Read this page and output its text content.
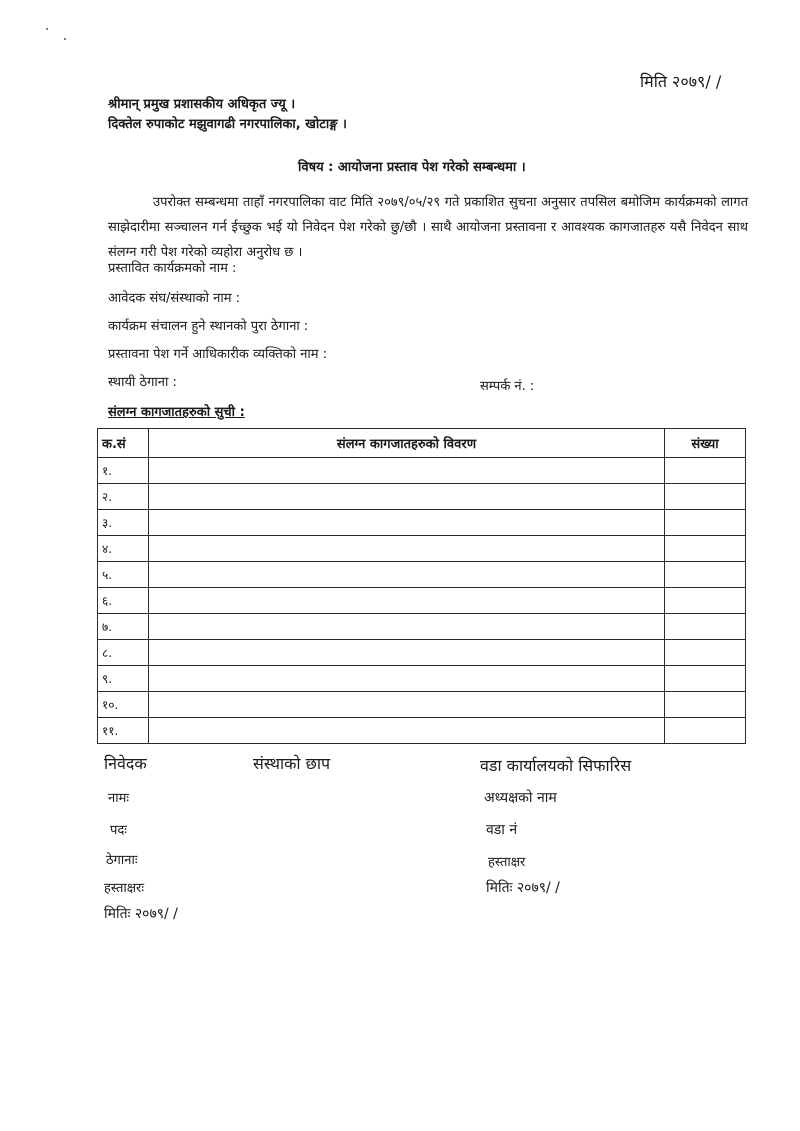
मिति २०७९/ /
श्रीमान् प्रमुख प्रशासकीय अधिकृत ज्यू ।
दिक्तेल रुपाकोट मझुवागढी नगरपालिका, खोटाङ्ग ।
विषय : आयोजना प्रस्ताव पेश गरेको सम्बन्धमा ।
उपरोक्त सम्बन्धमा ताहाँ नगरपालिका वाट मिति २०७९/०५/२९ गते प्रकाशित सुचना अनुसार तपसिल बमोजिम कार्यक्रमको लागत साझेदारीमा सञ्चालन गर्न ईच्छुक भई यो निवेदन पेश गरेको छु/छौ । साथै आयोजना प्रस्तावना र आवश्यक कागजातहरु यसै निवेदन साथ संलग्न गरी पेश गरेको व्यहोरा अनुरोध छ ।
प्रस्तावित कार्यक्रमको नाम :
आवेदक संघ/संस्थाको नाम :
कार्यक्रम संचालन हुने स्थानको पुरा ठेगाना :
प्रस्तावना पेश गर्ने आधिकारीक व्यक्तिको नाम :
स्थायी ठेगाना :	सम्पर्क नं. :
संलग्न कागजातहरुको सुची :
क.सं	संलग्न कागजातहरुको विवरण	संख्या
१.		
२.		
३.		
४.		
५.		
६.		
७.		
८.		
९.		
१०.		
११.		
निवेदक	संस्थाको छाप	वडा कार्यालयको सिफारिस
नामः	अध्यक्षको नाम
पदः	वडा नं
ठेगानाः	हस्ताक्षर
हस्ताक्षरः	मितिः २०७९/ /
मितिः २०७९/ /
